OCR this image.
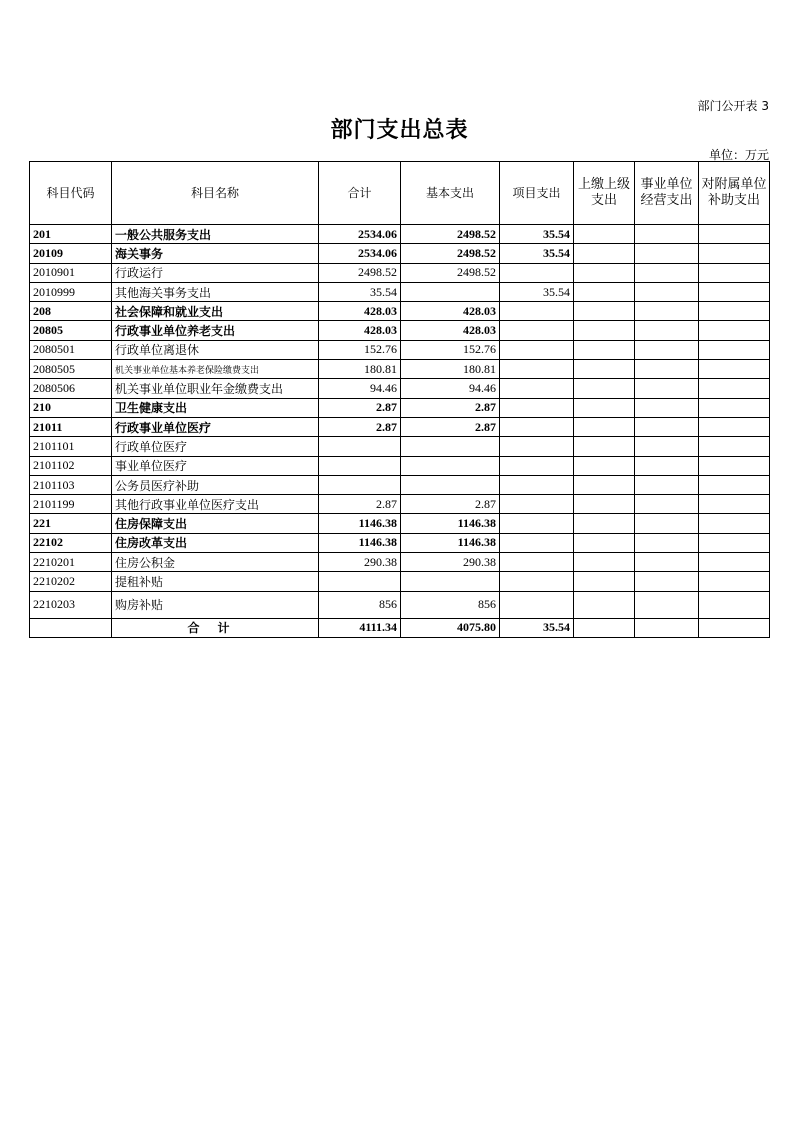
部门公开表 3
部门支出总表
单位：万元
科目代码	科目名称	合计	基本支出	项目支出	上缴上级支出	事业单位经营支出	对附属单位补助支出
201	一般公共服务支出	2534.06	2498.52	35.54			
20109	海关事务	2534.06	2498.52	35.54			
2010901	行政运行	2498.52	2498.52				
2010999	其他海关事务支出	35.54		35.54			
208	社会保障和就业支出	428.03	428.03				
20805	行政事业单位养老支出	428.03	428.03				
2080501	行政单位离退休	152.76	152.76				
2080505	机关事业单位基本养老保险缴费支出	180.81	180.81				
2080506	机关事业单位职业年金缴费支出	94.46	94.46				
210	卫生健康支出	2.87	2.87				
21011	行政事业单位医疗	2.87	2.87				
2101101	行政单位医疗						
2101102	事业单位医疗						
2101103	公务员医疗补助						
2101199	其他行政事业单位医疗支出	2.87	2.87				
221	住房保障支出	1146.38	1146.38				
22102	住房改革支出	1146.38	1146.38				
2210201	住房公积金	290.38	290.38				
2210202	提租补贴						
2210203	购房补贴	856	856				
	合计	4111.34	4075.80	35.54			
